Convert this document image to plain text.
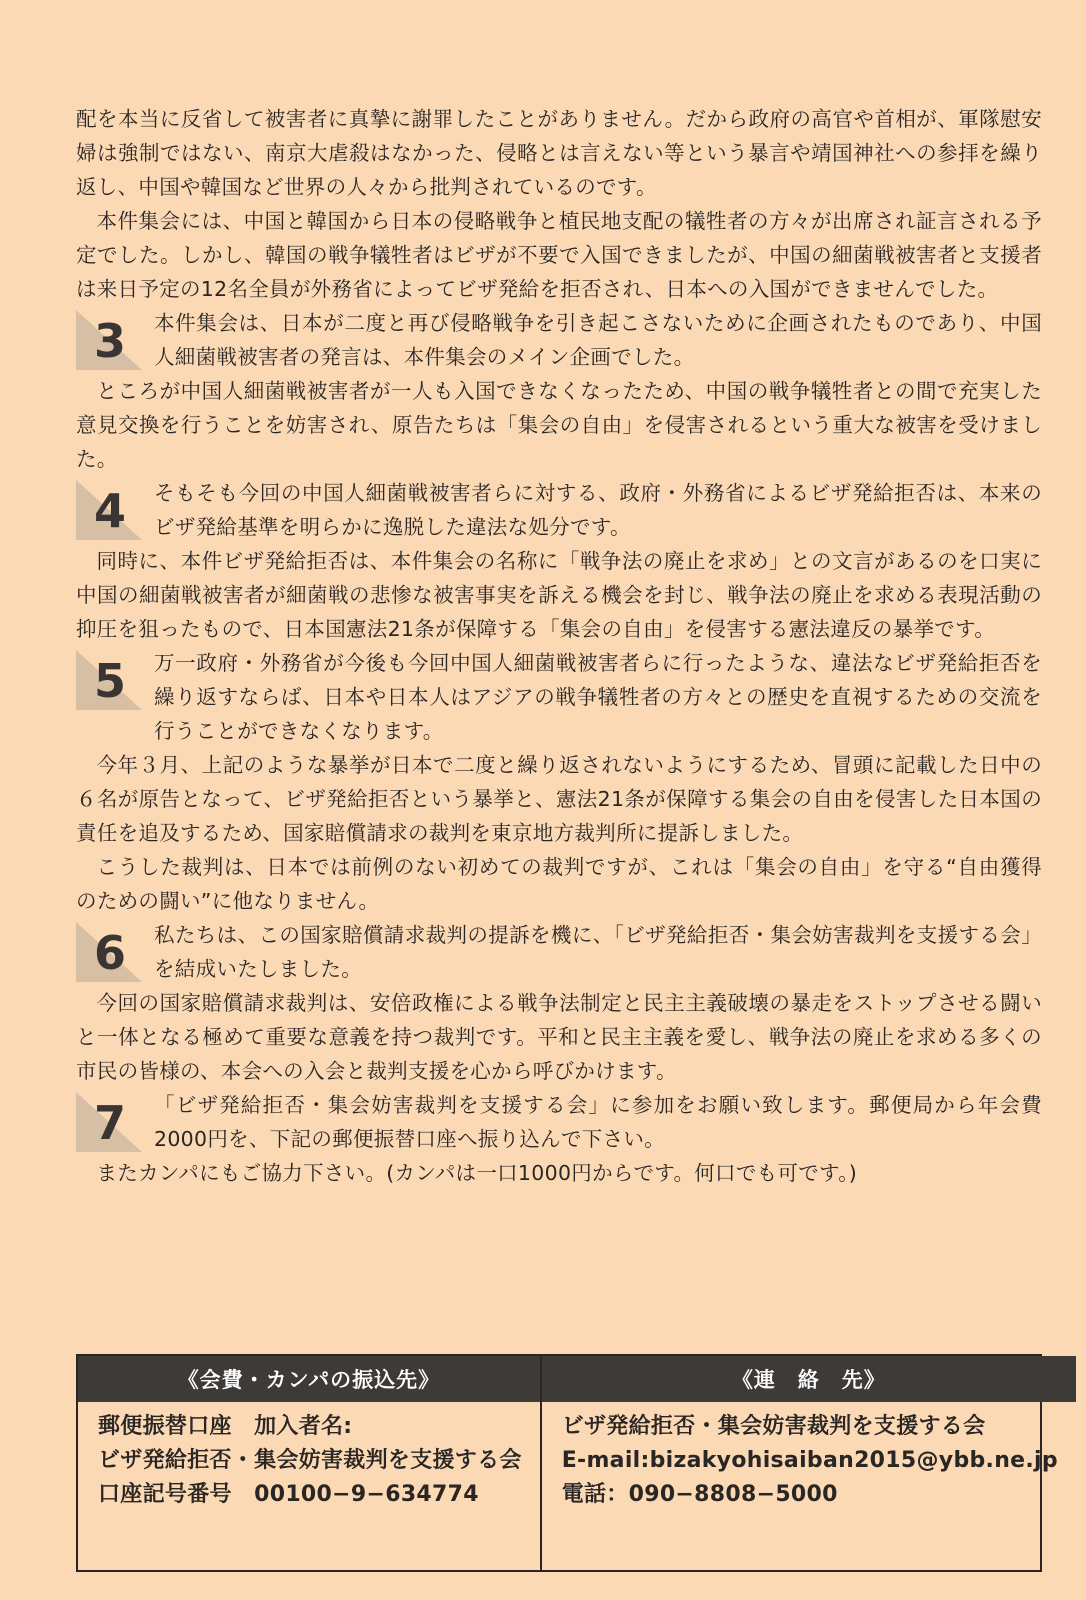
配を本当に反省して被害者に真摯に謝罪したことがありません。だから政府の高官や首相が、軍隊慰安婦は強制ではない、南京大虐殺はなかった、侵略とは言えない等という暴言や靖国神社への参拝を繰り返し、中国や韓国など世界の人々から批判されているのです。

本件集会には、中国と韓国から日本の侵略戦争と植民地支配の犠牲者の方々が出席され証言される予定でした。しかし、韓国の戦争犠牲者はビザが不要で入国できましたが、中国の細菌戦被害者と支援者は来日予定の12名全員が外務省によってビザ発給を拒否され、日本への入国ができませんでした。

3 本件集会は、日本が二度と再び侵略戦争を引き起こさないために企画されたものであり、中国人細菌戦被害者の発言は、本件集会のメイン企画でした。

ところが中国人細菌戦被害者が一人も入国できなくなったため、中国の戦争犠牲者との間で充実した意見交換を行うことを妨害され、原告たちは「集会の自由」を侵害されるという重大な被害を受けました。

4 そもそも今回の中国人細菌戦被害者らに対する、政府・外務省によるビザ発給拒否は、本来のビザ発給基準を明らかに逸脱した違法な処分です。

同時に、本件ビザ発給拒否は、本件集会の名称に「戦争法の廃止を求め」との文言があるのを口実に中国の細菌戦被害者が細菌戦の悲惨な被害事実を訴える機会を封じ、戦争法の廃止を求める表現活動の抑圧を狙ったもので、日本国憲法21条が保障する「集会の自由」を侵害する憲法違反の暴挙です。

5 万一政府・外務省が今後も今回中国人細菌戦被害者らに行ったような、違法なビザ発給拒否を繰り返すならば、日本や日本人はアジアの戦争犠牲者の方々との歴史を直視するための交流を行うことができなくなります。

今年３月、上記のような暴挙が日本で二度と繰り返されないようにするため、冒頭に記載した日中の６名が原告となって、ビザ発給拒否という暴挙と、憲法21条が保障する集会の自由を侵害した日本国の責任を追及するため、国家賠償請求の裁判を東京地方裁判所に提訴しました。

こうした裁判は、日本では前例のない初めての裁判ですが、これは「集会の自由」を守る“自由獲得のための闘い”に他なりません。

6 私たちは、この国家賠償請求裁判の提訴を機に、「ビザ発給拒否・集会妨害裁判を支援する会」を結成いたしました。

今回の国家賠償請求裁判は、安倍政権による戦争法制定と民主主義破壊の暴走をストップさせる闘いと一体となる極めて重要な意義を持つ裁判です。平和と民主主義を愛し、戦争法の廃止を求める多くの市民の皆様の、本会への入会と裁判支援を心から呼びかけます。

7 「ビザ発給拒否・集会妨害裁判を支援する会」に参加をお願い致します。郵便局から年会費2000円を、下記の郵便振替口座へ振り込んで下さい。

またカンパにもご協力下さい。(カンパは一口1000円からです。何口でも可です。)

《会費・カンパの振込先》
郵便振替口座　加入者名:
ビザ発給拒否・集会妨害裁判を支援する会
口座記号番号　00100−9−634774
《連　絡　先》
ビザ発給拒否・集会妨害裁判を支援する会
E-mail:bizakyohisaiban2015@ybb.ne.jp
電話：090−8808−5000
